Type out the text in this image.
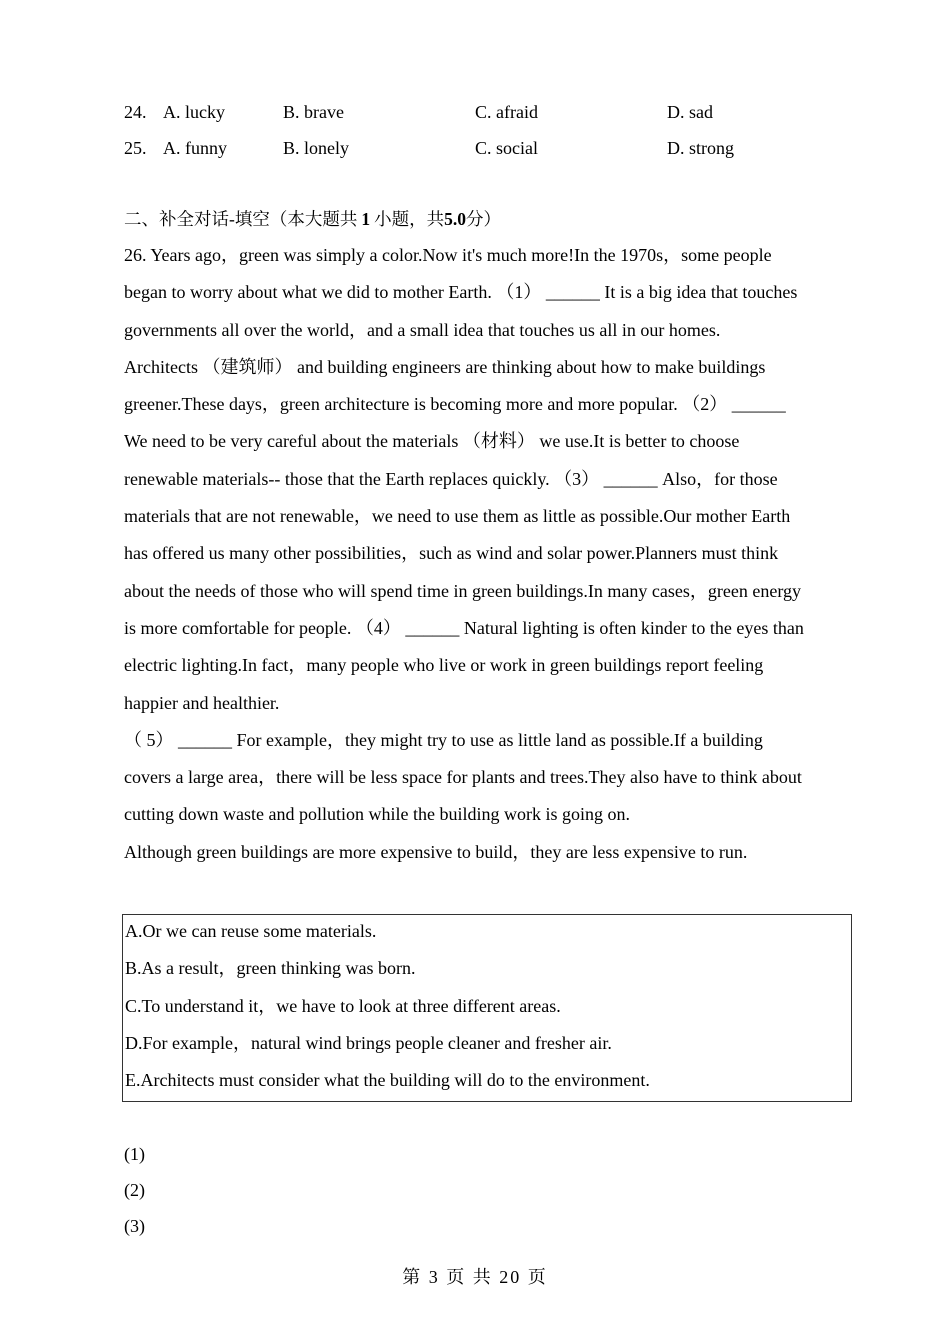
24. A. lucky	B. brave	C. afraid	D. sad
25. A. funny	B. lonely	C. social	D. strong
二、补全对话-填空（本大题共 1 小题，共5.0分）
26. Years ago，green was simply a color.Now it's much more!In the 1970s，some people
began to worry about what we did to mother Earth. （1） ______ It is a big idea that touches
governments all over the world，and a small idea that touches us all in our homes.
Architects （建筑师） and building engineers are thinking about how to make buildings
greener.These days，green architecture is becoming more and more popular. （2） ______
We need to be very careful about the materials （材料） we use.It is better to choose
renewable materials-- those that the Earth replaces quickly. （3） ______ Also，for those
materials that are not renewable，we need to use them as little as possible.Our mother Earth
has offered us many other possibilities，such as wind and solar power.Planners must think
about the needs of those who will spend time in green buildings.In many cases，green energy
is more comfortable for people. （4） ______ Natural lighting is often kinder to the eyes than
electric lighting.In fact，many people who live or work in green buildings report feeling
happier and healthier.
（ 5） ______ For example，they might try to use as little land as possible.If a building
covers a large area，there will be less space for plants and trees.They also have to think about
cutting down waste and pollution while the building work is going on.
Although green buildings are more expensive to build，they are less expensive to run.
A.Or we can reuse some materials.
B.As a result，green thinking was born.
C.To understand it，we have to look at three different areas.
D.For example，natural wind brings people cleaner and fresher air.
E.Architects must consider what the building will do to the environment.
(1)
(2)
(3)
第 3 页 共 20 页
